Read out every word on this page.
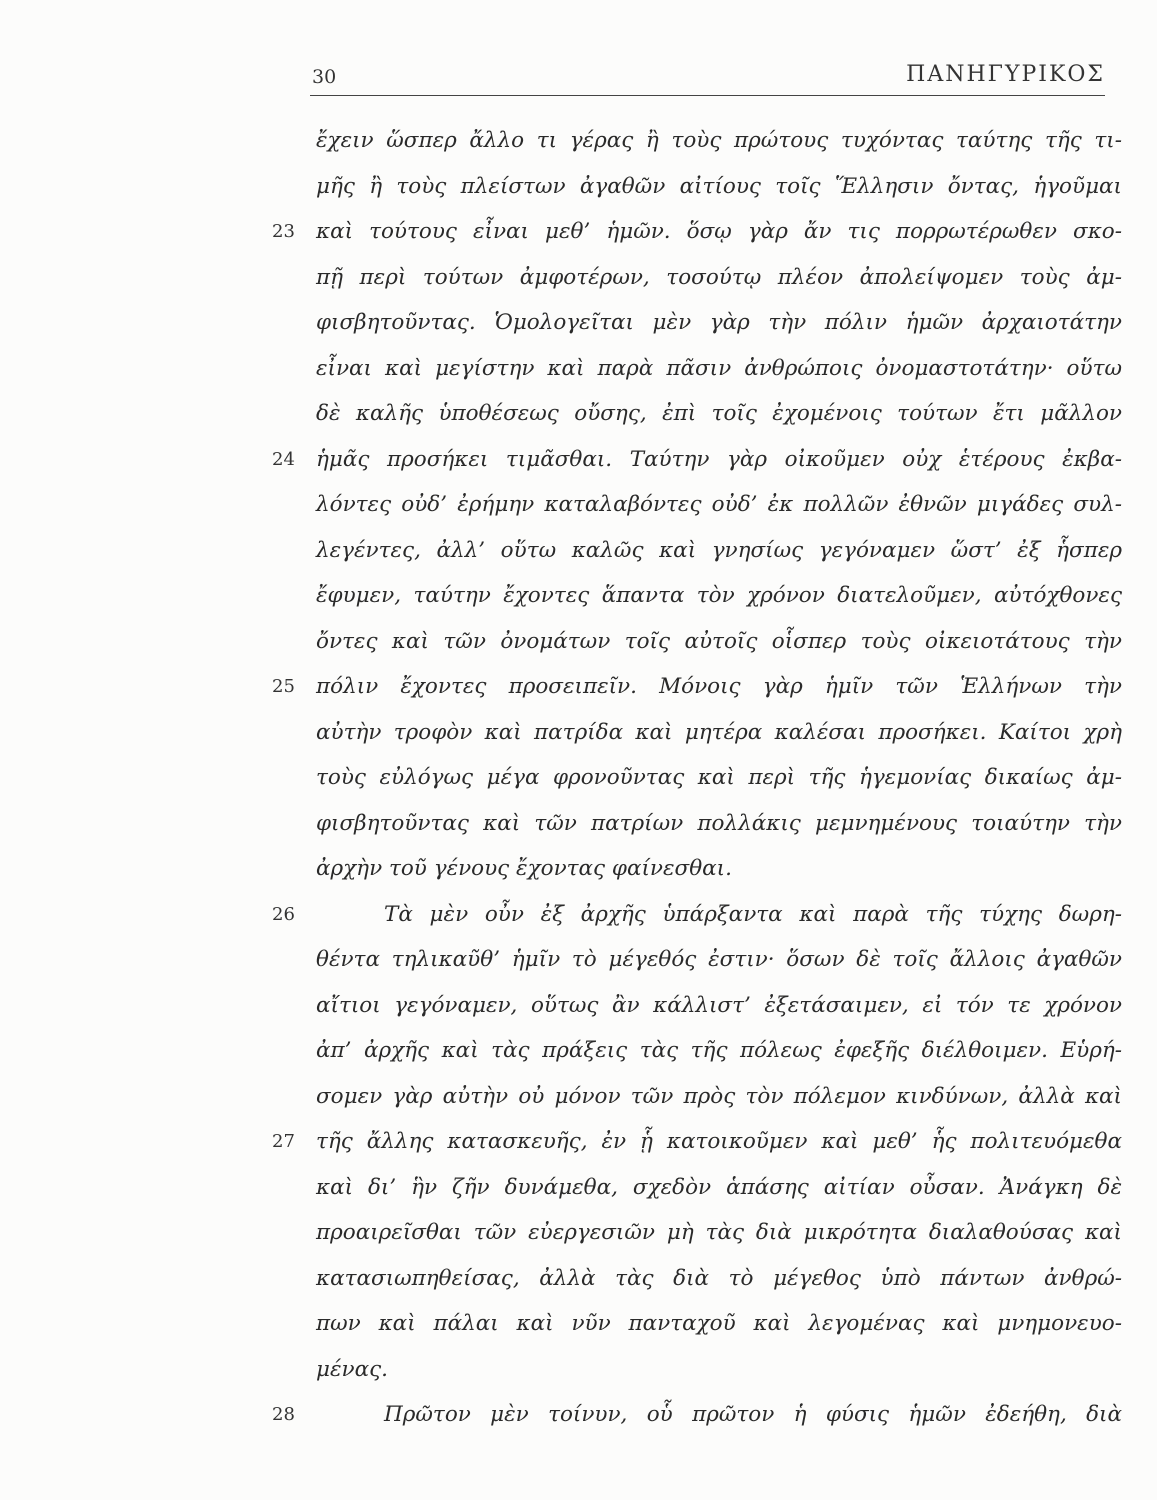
30	ΠΑΝΗΓΥΡΙΚΟΣ
ἔχειν ὥσπερ ἄλλο τι γέρας ἢ τοὺς πρώτους τυχόντας ταύτης τῆς τι-
μῆς ἢ τοὺς πλείστων ἀγαθῶν αἰτίους τοῖς Ἕλλησιν ὄντας, ἡγοῦμαι
23 καὶ τούτους εἶναι μεθ’ ἡμῶν. ὅσῳ γὰρ ἄν τις πορρωτέρωθεν σκο-
πῇ περὶ τούτων ἀμφοτέρων, τοσούτῳ πλέον ἀπολείψομεν τοὺς ἀμ-
φισβητοῦντας. Ὁμολογεῖται μὲν γὰρ τὴν πόλιν ἡμῶν ἀρχαιοτάτην
εἶναι καὶ μεγίστην καὶ παρὰ πᾶσιν ἀνθρώποις ὀνομαστοτάτην· οὕτω
δὲ καλῆς ὑποθέσεως οὔσης, ἐπὶ τοῖς ἐχομένοις τούτων ἔτι μᾶλλον
24 ἡμᾶς προσήκει τιμᾶσθαι. Ταύτην γὰρ οἰκοῦμεν οὐχ ἑτέρους ἐκβα-
λόντες οὐδ’ ἐρήμην καταλαβόντες οὐδ’ ἐκ πολλῶν ἐθνῶν μιγάδες συλ-
λεγέντες, ἀλλ’ οὕτω καλῶς καὶ γνησίως γεγόναμεν ὥστ’ ἐξ ἧσπερ
ἔφυμεν, ταύτην ἔχοντες ἅπαντα τὸν χρόνον διατελοῦμεν, αὐτόχθονες
ὄντες καὶ τῶν ὀνομάτων τοῖς αὐτοῖς οἷσπερ τοὺς οἰκειοτάτους τὴν
25 πόλιν ἔχοντες προσειπεῖν. Μόνοις γὰρ ἡμῖν τῶν Ἑλλήνων τὴν
αὐτὴν τροφὸν καὶ πατρίδα καὶ μητέρα καλέσαι προσήκει. Καίτοι χρὴ
τοὺς εὐλόγως μέγα φρονοῦντας καὶ περὶ τῆς ἡγεμονίας δικαίως ἀμ-
φισβητοῦντας καὶ τῶν πατρίων πολλάκις μεμνημένους τοιαύτην τὴν
ἀρχὴν τοῦ γένους ἔχοντας φαίνεσθαι.
26	Τὰ μὲν οὖν ἐξ ἀρχῆς ὑπάρξαντα καὶ παρὰ τῆς τύχης δωρη-
θέντα τηλικαῦθ’ ἡμῖν τὸ μέγεθός ἐστιν· ὅσων δὲ τοῖς ἄλλοις ἀγαθῶν
αἴτιοι γεγόναμεν, οὕτως ἂν κάλλιστ’ ἐξετάσαιμεν, εἰ τόν τε χρόνον
ἀπ’ ἀρχῆς καὶ τὰς πράξεις τὰς τῆς πόλεως ἐφεξῆς διέλθοιμεν. Εὑρή-
σομεν γὰρ αὐτὴν οὐ μόνον τῶν πρὸς τὸν πόλεμον κινδύνων, ἀλλὰ καὶ
27 τῆς ἄλλης κατασκευῆς, ἐν ᾗ κατοικοῦμεν καὶ μεθ’ ἧς πολιτευόμεθα
καὶ δι’ ἣν ζῆν δυνάμεθα, σχεδὸν ἁπάσης αἰτίαν οὖσαν. Ἀνάγκη δὲ
προαιρεῖσθαι τῶν εὐεργεσιῶν μὴ τὰς διὰ μικρότητα διαλαθούσας καὶ
κατασιωπηθείσας, ἀλλὰ τὰς διὰ τὸ μέγεθος ὑπὸ πάντων ἀνθρώ-
πων καὶ πάλαι καὶ νῦν πανταχοῦ καὶ λεγομένας καὶ μνημονευο-
μένας.
28	Πρῶτον μὲν τοίνυν, οὗ πρῶτον ἡ φύσις ἡμῶν ἐδεήθη, διὰ
